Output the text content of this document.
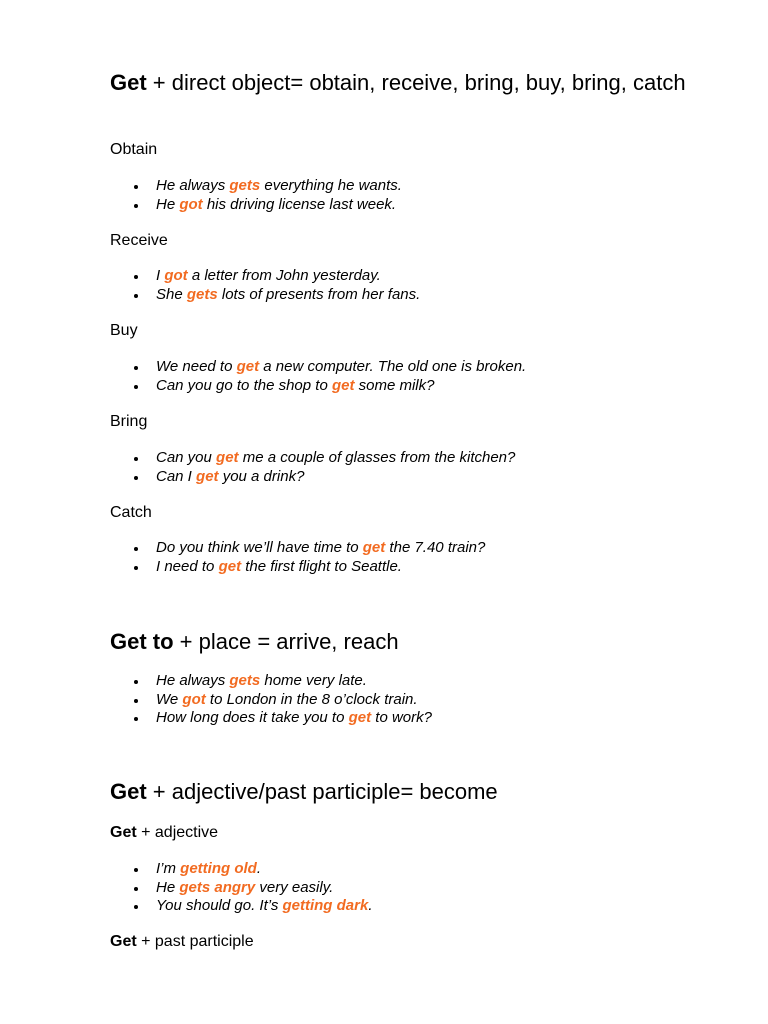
Get + direct object= obtain, receive, bring, buy, bring, catch

Obtain

He always gets everything he wants.
He got his driving license last week.

Receive

I got a letter from John yesterday.
She gets lots of presents from her fans.

Buy

We need to get a new computer. The old one is broken.
Can you go to the shop to get some milk?

Bring

Can you get me a couple of glasses from the kitchen?
Can I get you a drink?

Catch

Do you think we’ll have time to get the 7.40 train?
I need to get the first flight to Seattle.

Get to + place = arrive, reach

He always gets home very late.
We got to London in the 8 o’clock train.
How long does it take you to get to work?

Get + adjective/past participle= become

Get + adjective

I’m getting old.
He gets angry very easily.
You should go. It’s getting dark.

Get + past participle
